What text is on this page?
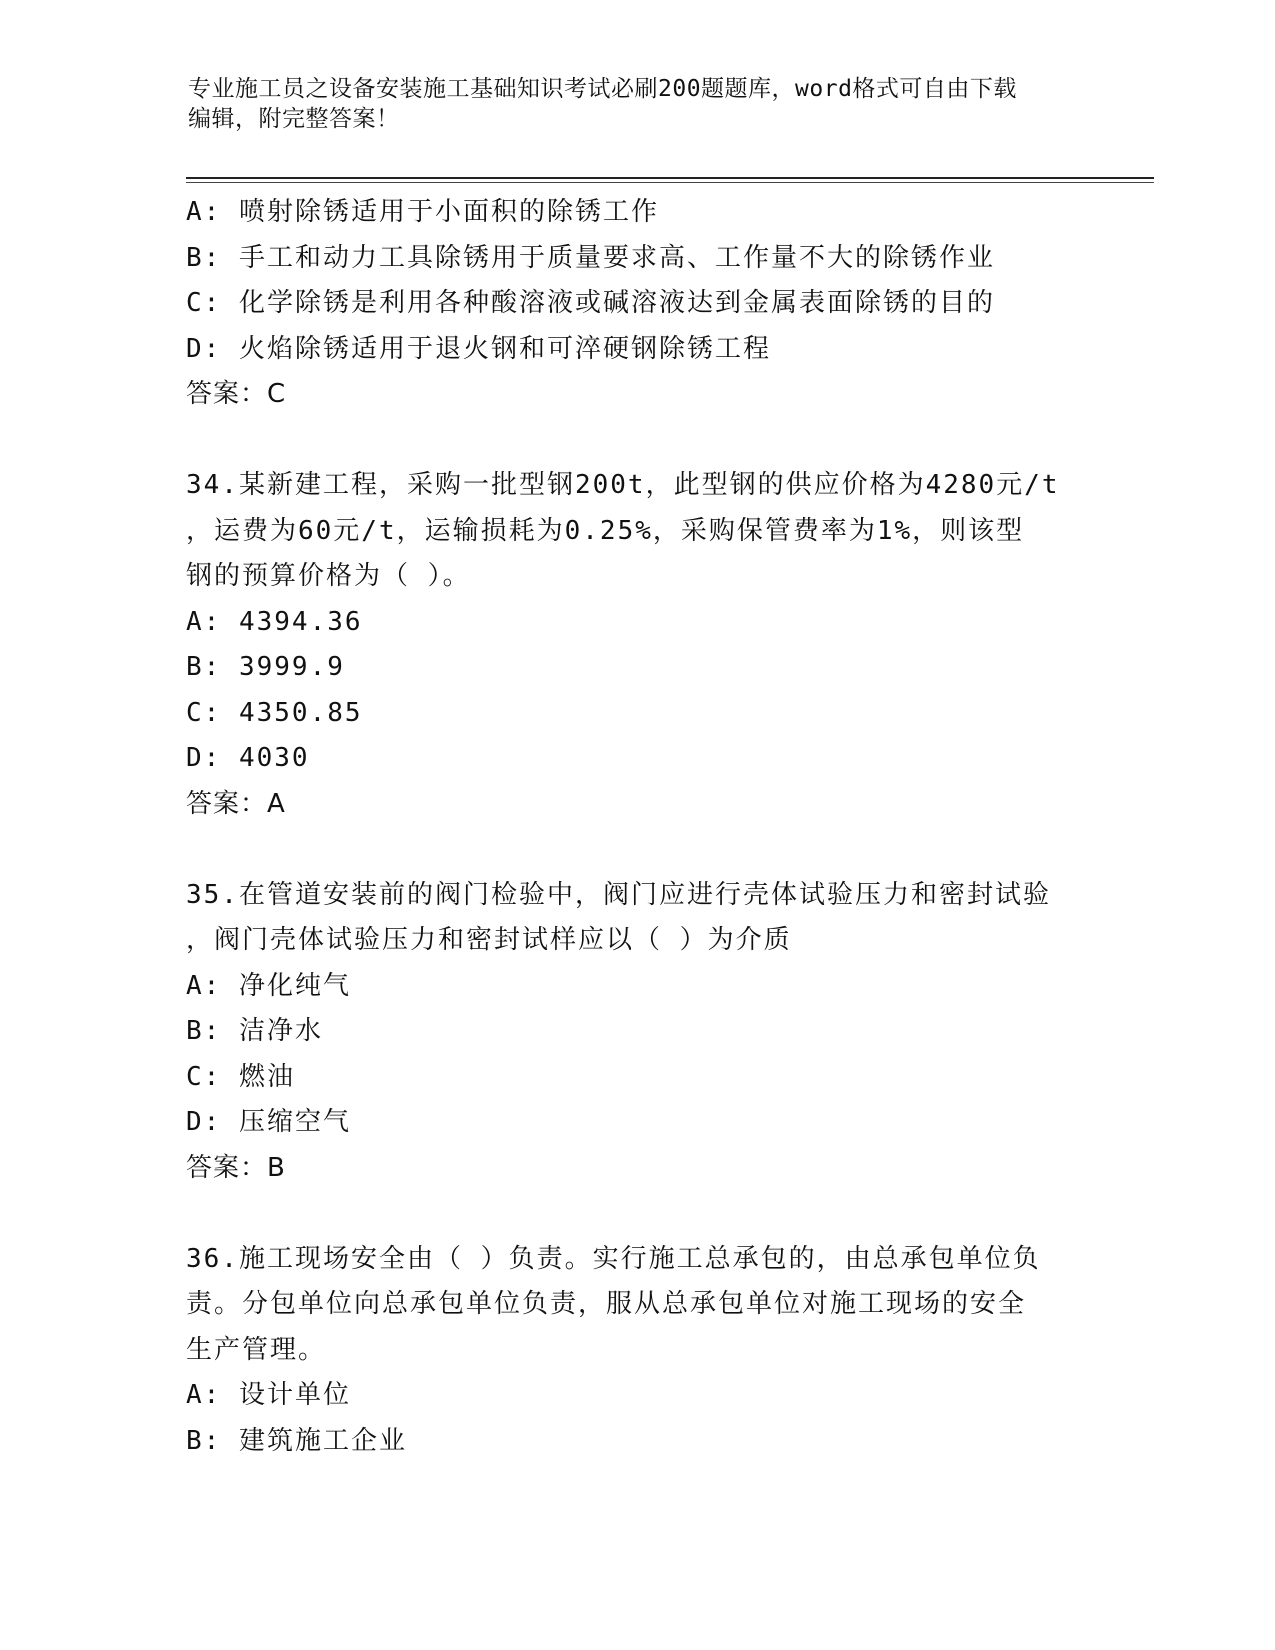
专业施工员之设备安装施工基础知识考试必刷200题题库，word格式可自由下载
编辑，附完整答案！
A: 喷射除锈适用于小面积的除锈工作
B: 手工和动力工具除锈用于质量要求高、工作量不大的除锈作业
C: 化学除锈是利用各种酸溶液或碱溶液达到金属表面除锈的目的
D: 火焰除锈适用于退火钢和可淬硬钢除锈工程
答案：C
34.某新建工程，采购一批型钢200t，此型钢的供应价格为4280元/t
，运费为60元/t，运输损耗为0.25%，采购保管费率为1%，则该型
钢的预算价格为（ ）。
A: 4394.36
B: 3999.9
C: 4350.85
D: 4030
答案：A
35.在管道安装前的阀门检验中，阀门应进行壳体试验压力和密封试验
，阀门壳体试验压力和密封试样应以（ ）为介质
A: 净化纯气
B: 洁净水
C: 燃油
D: 压缩空气
答案：B
36.施工现场安全由（ ）负责。实行施工总承包的，由总承包单位负
责。分包单位向总承包单位负责，服从总承包单位对施工现场的安全
生产管理。
A: 设计单位
B: 建筑施工企业
